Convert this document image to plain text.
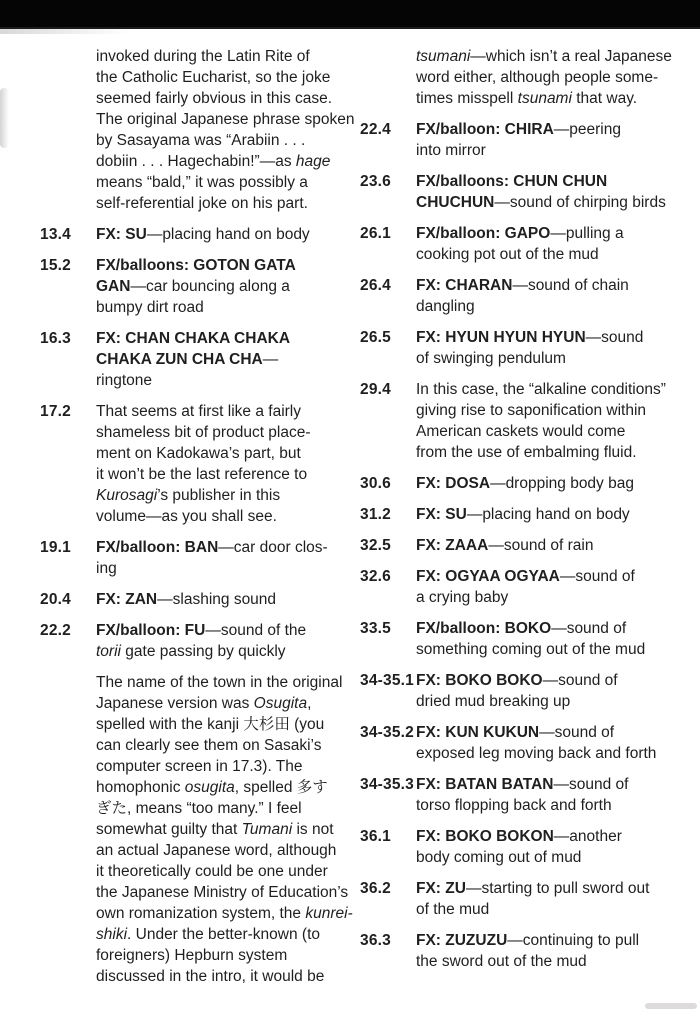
invoked during the Latin Rite of
the Catholic Eucharist, so the joke
seemed fairly obvious in this case.
The original Japanese phrase spoken
by Sasayama was “Arabiin . . .
dobiin . . . Hagechabin!”—as hage
means “bald,” it was possibly a
self-referential joke on his part.
13.4	FX: SU—placing hand on body
15.2	FX/balloons: GOTON GATA
GAN—car bouncing along a
bumpy dirt road
16.3	FX: CHAN CHAKA CHAKA
CHAKA ZUN CHA CHA—
ringtone
17.2	That seems at first like a fairly
shameless bit of product place-
ment on Kadokawa’s part, but
it won’t be the last reference to
Kurosagi’s publisher in this
volume—as you shall see.
19.1	FX/balloon: BAN—car door clos-
ing
20.4	FX: ZAN—slashing sound
22.2	FX/balloon: FU—sound of the
torii gate passing by quickly
The name of the town in the original
Japanese version was Osugita,
spelled with the kanji 大杉田 (you
can clearly see them on Sasaki’s
computer screen in 17.3). The
homophonic osugita, spelled 多す
ぎた, means “too many.” I feel
somewhat guilty that Tumani is not
an actual Japanese word, although
it theoretically could be one under
the Japanese Ministry of Education’s
own romanization system, the kunrei-
shiki. Under the better-known (to
foreigners) Hepburn system
discussed in the intro, it would be
tsumani—which isn’t a real Japanese
word either, although people some-
times misspell tsunami that way.
22.4	FX/balloon: CHIRA—peering
into mirror
23.6	FX/balloons: CHUN CHUN
CHUCHUN—sound of chirping birds
26.1	FX/balloon: GAPO—pulling a
cooking pot out of the mud
26.4	FX: CHARAN—sound of chain
dangling
26.5	FX: HYUN HYUN HYUN—sound
of swinging pendulum
29.4	In this case, the “alkaline conditions”
giving rise to saponification within
American caskets would come
from the use of embalming fluid.
30.6	FX: DOSA—dropping body bag
31.2	FX: SU—placing hand on body
32.5	FX: ZAAA—sound of rain
32.6	FX: OGYAA OGYAA—sound of
a crying baby
33.5	FX/balloon: BOKO—sound of
something coming out of the mud
34-35.1 FX: BOKO BOKO—sound of
dried mud breaking up
34-35.2 FX: KUN KUKUN—sound of
exposed leg moving back and forth
34-35.3 FX: BATAN BATAN—sound of
torso flopping back and forth
36.1	FX: BOKO BOKON—another
body coming out of mud
36.2	FX: ZU—starting to pull sword out
of the mud
36.3	FX: ZUZUZU—continuing to pull
the sword out of the mud
